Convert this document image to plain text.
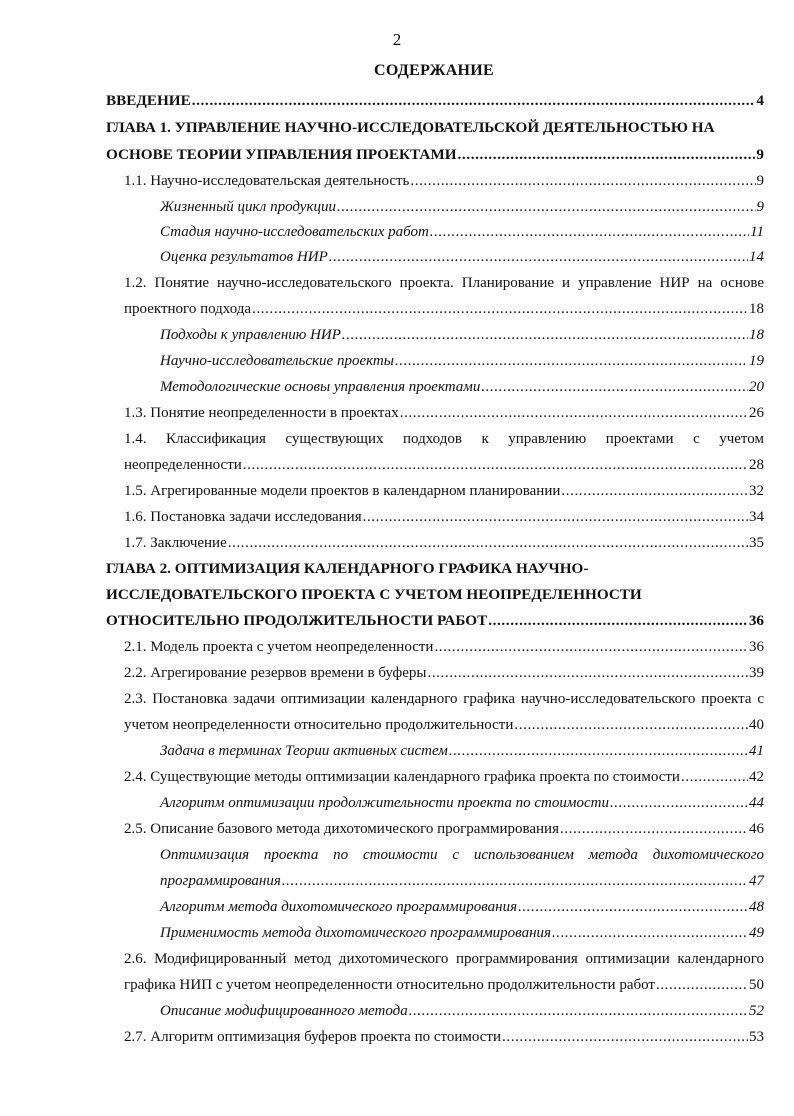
2
СОДЕРЖАНИЕ
ВВЕДЕНИЕ .....	4
ГЛАВА 1. УПРАВЛЕНИЕ НАУЧНО-ИССЛЕДОВАТЕЛЬСКОЙ ДЕЯТЕЛЬНОСТЬЮ НА
ОСНОВЕ ТЕОРИИ УПРАВЛЕНИЯ ПРОЕКТАМИ .....	9
1.1. Научно-исследовательская деятельность .....	9
Жизненный цикл продукции .....	9
Стадия научно-исследовательских работ .....	11
Оценка результатов НИР .....	14
1.2. Понятие научно-исследовательского проекта. Планирование и управление НИР на основе
проектного подхода .....	18
Подходы к управлению НИР .....	18
Научно-исследовательские проекты .....	19
Методологические основы управления проектами .....	20
1.3. Понятие неопределенности в проектах .....	26
1.4. Классификация существующих подходов к управлению проектами с учетом
неопределенности .....	28
1.5. Агрегированные модели проектов в календарном планировании .....	32
1.6. Постановка задачи исследования .....	34
1.7. Заключение .....	35
ГЛАВА 2. ОПТИМИЗАЦИЯ КАЛЕНДАРНОГО ГРАФИКА НАУЧНО-
ИССЛЕДОВАТЕЛЬСКОГО ПРОЕКТА С УЧЕТОМ НЕОПРЕДЕЛЕННОСТИ
ОТНОСИТЕЛЬНО ПРОДОЛЖИТЕЛЬНОСТИ РАБОТ .....	36
2.1. Модель проекта с учетом неопределенности .....	36
2.2. Агрегирование резервов времени в буферы .....	39
2.3. Постановка задачи оптимизации календарного графика научно-исследовательского проекта с
учетом неопределенности относительно продолжительности .....	40
Задача в терминах Теории активных систем .....	41
2.4. Существующие методы оптимизации календарного графика проекта по стоимости .....	42
Алгоритм оптимизации продолжительности проекта по стоимости .....	44
2.5. Описание базового метода дихотомического программирования .....	46
Оптимизация проекта по стоимости с использованием метода дихотомического
программирования .....	47
Алгоритм метода дихотомического программирования .....	48
Применимость метода дихотомического программирования .....	49
2.6. Модифицированный метод дихотомического программирования оптимизации календарного
графика НИП с учетом неопределенности относительно продолжительности работ .....	50
Описание модифицированного метода .....	52
2.7. Алгоритм оптимизация буферов проекта по стоимости .....	53
